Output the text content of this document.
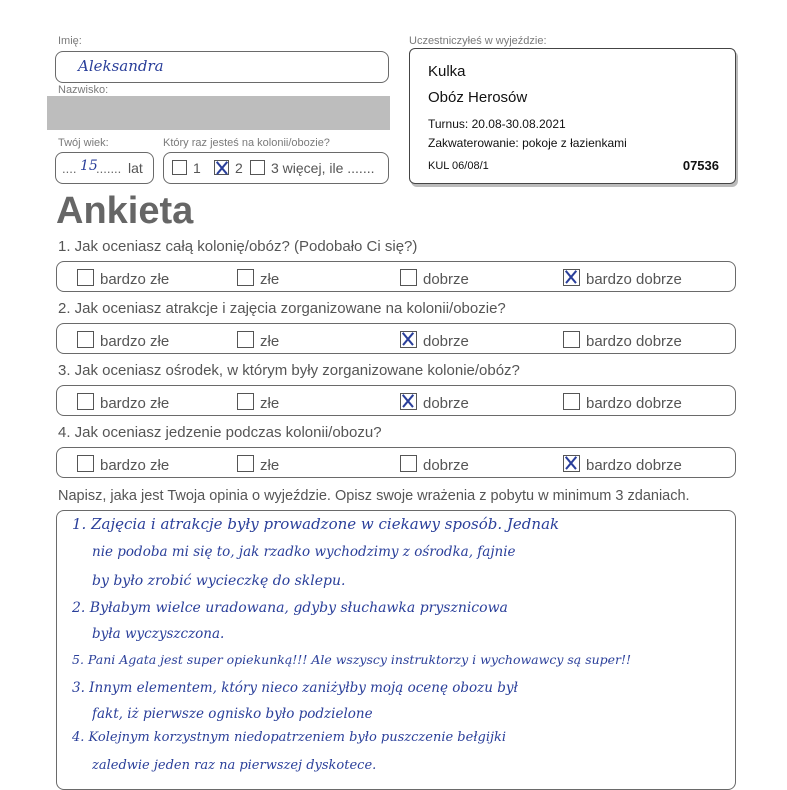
Imię:
Aleksandra
Nazwisko:
Twój wiek:
.... 15
....... lat
Który raz jesteś na kolonii/obozie?
1	2	3 więcej, ile .......
Uczestniczyłeś w wyjeździe:
Kulka
Obóz Herosów
Turnus: 20.08-30.08.2021
Zakwaterowanie: pokoje z łazienkami
KUL 06/08/1	07536
Ankieta
1. Jak oceniasz całą kolonię/obóz? (Podobało Ci się?)
bardzo złe	złe	dobrze	bardzo dobrze
2. Jak oceniasz atrakcje i zajęcia zorganizowane na kolonii/obozie?
bardzo złe	złe	dobrze	bardzo dobrze
3. Jak oceniasz ośrodek, w którym były zorganizowane kolonie/obóz?
bardzo złe	złe	dobrze	bardzo dobrze
4. Jak oceniasz jedzenie podczas kolonii/obozu?
bardzo złe	złe	dobrze	bardzo dobrze
Napisz, jaka jest Twoja opinia o wyjeździe. Opisz swoje wrażenia z pobytu w minimum 3 zdaniach.
1. Zajęcia i atrakcje były prowadzone w ciekawy sposób. Jednak
nie podoba mi się to, jak rzadko wychodzimy z ośrodka, fajnie
by było zrobić wycieczkę do sklepu.
2. Byłabym wielce uradowana, gdyby słuchawka prysznicowa
była wyczyszczona.
5. Pani Agata jest super opiekunką!!! Ale wszyscy instruktorzy i wychowawcy są super!!
3. Innym elementem, który nieco zaniżyłby moją ocenę obozu był
fakt, iż pierwsze ognisko było podzielone
4. Kolejnym korzystnym niedopatrzeniem było puszczenie bełgijki
zaledwie jeden raz na pierwszej dyskotece.
